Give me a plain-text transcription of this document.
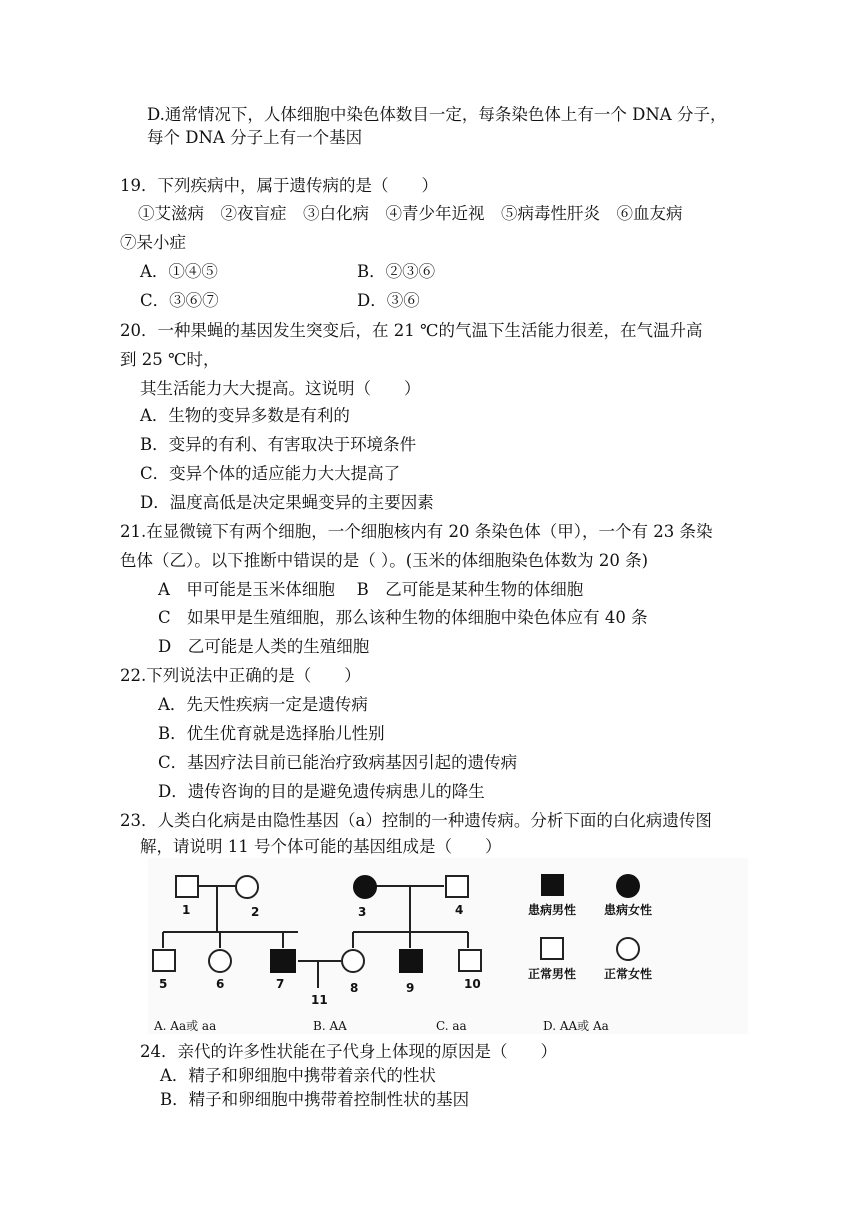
D.通常情况下，人体细胞中染色体数目一定，每条染色体上有一个 DNA 分子，
每个 DNA 分子上有一个基因
19．下列疾病中，属于遗传病的是（　　）
①艾滋病　②夜盲症　③白化病　④青少年近视　⑤病毒性肝炎　⑥血友病
⑦呆小症
A．①④⑤	B．②③⑥
C．③⑥⑦	D．③⑥
20．一种果蝇的基因发生突变后，在 21 ℃的气温下生活能力很差，在气温升高
到 25 ℃时，
其生活能力大大提高。这说明（　　）
A．生物的变异多数是有利的
B．变异的有利、有害取决于环境条件
C．变异个体的适应能力大大提高了
D．温度高低是决定果蝇变异的主要因素
21.在显微镜下有两个细胞，一个细胞核内有 20 条染色体（甲），一个有 23 条染
色体（乙）。以下推断中错误的是（ ）。(玉米的体细胞染色体数为 20 条)
A　甲可能是玉米体细胞　 B　乙可能是某种生物的体细胞
C　如果甲是生殖细胞，那么该种生物的体细胞中染色体应有 40 条
D　乙可能是人类的生殖细胞
22.下列说法中正确的是（　　）
A．先天性疾病一定是遗传病
B．优生优育就是选择胎儿性别
C．基因疗法目前已能治疗致病基因引起的遗传病
D．遗传咨询的目的是避免遗传病患儿的降生
23．人类白化病是由隐性基因（a）控制的一种遗传病。分析下面的白化病遗传图
解，请说明 11 号个体可能的基因组成是（　　）
1	2	3	4
5	6	7	8	9	10
11
患病男性 患病女性
正常男性 正常女性
A. Aa或 aa	B. AA	C. aa	D. AA或 Aa
24．亲代的许多性状能在子代身上体现的原因是（　　）
A．精子和卵细胞中携带着亲代的性状
B．精子和卵细胞中携带着控制性状的基因
